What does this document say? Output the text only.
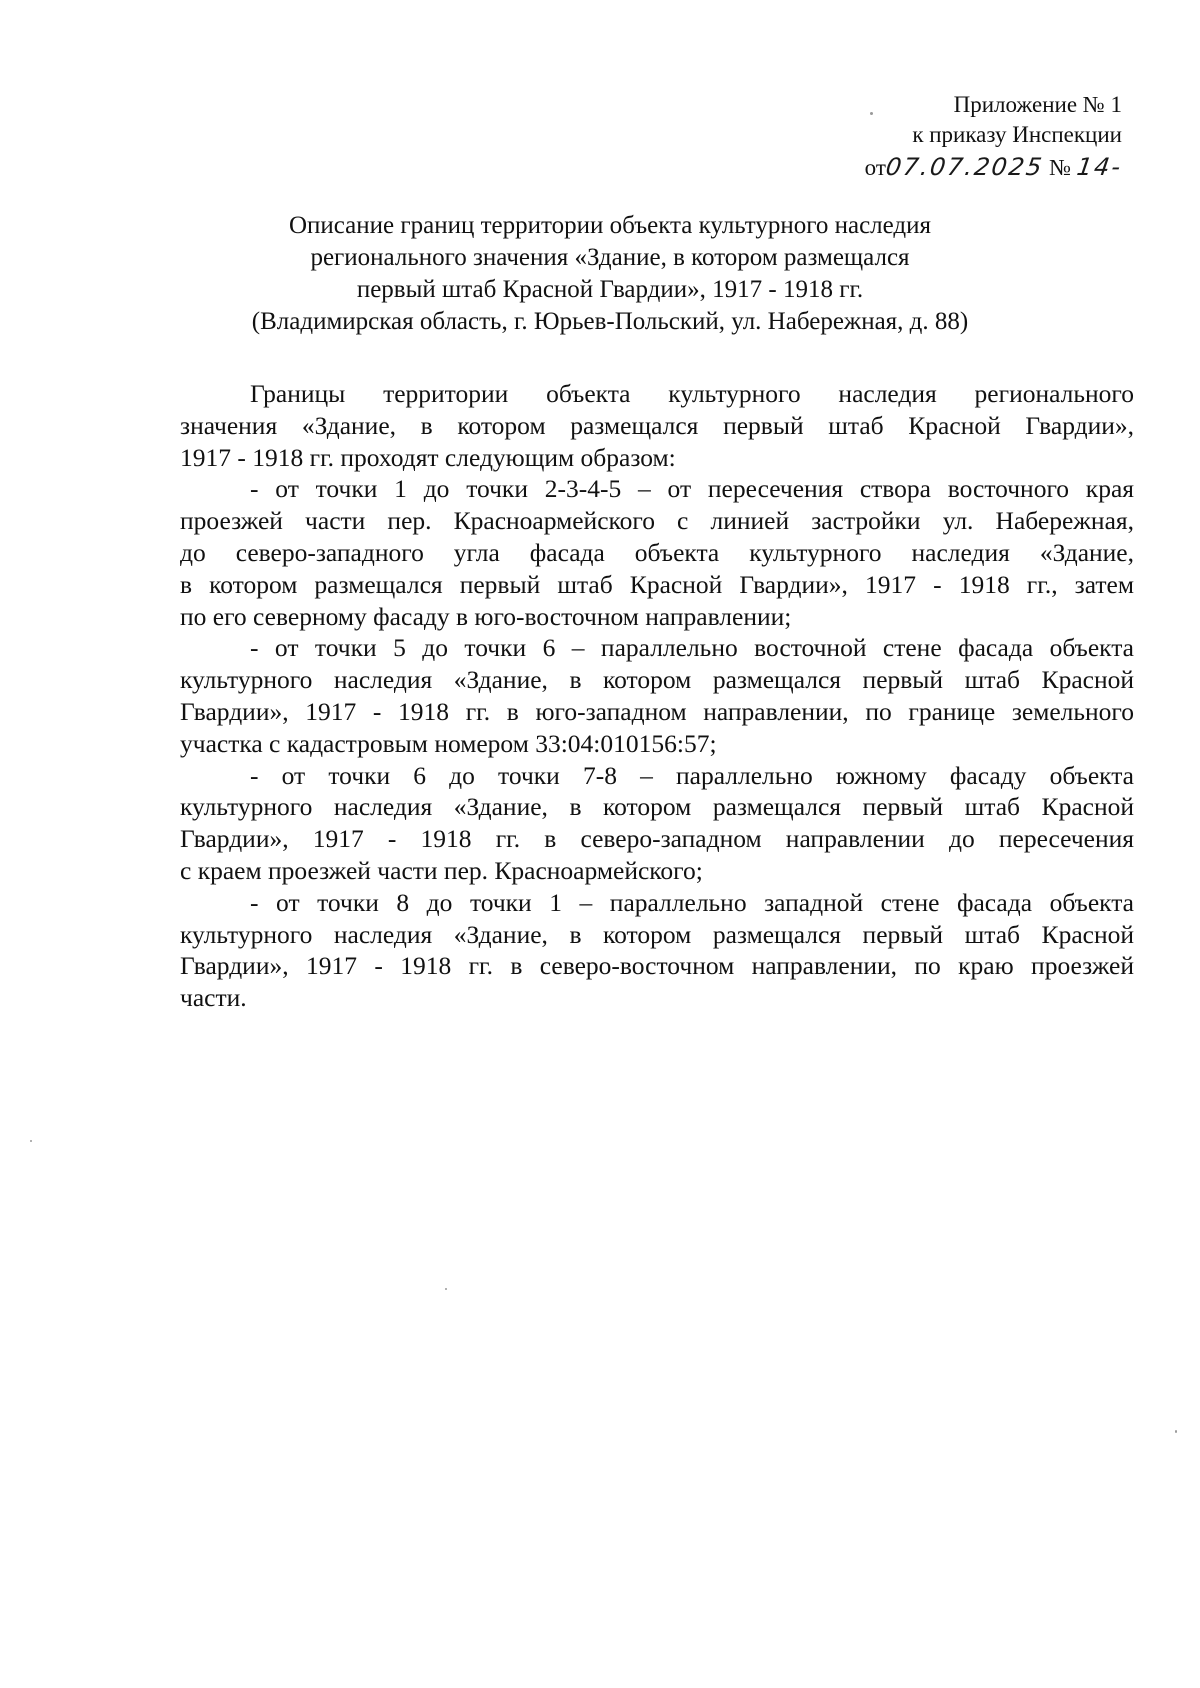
Приложение № 1
к приказу Инспекции
от07.07.2025 № 14-
Описание границ территории объекта культурного наследия
регионального значения «Здание, в котором размещался
первый штаб Красной Гвардии», 1917 - 1918 гг.
(Владимирская область, г. Юрьев-Польский, ул. Набережная, д. 88)
Границы территории объекта культурного наследия регионального
значения «Здание, в котором размещался первый штаб Красной Гвардии»,
1917 - 1918 гг. проходят следующим образом:
- от точки 1 до точки 2-3-4-5 – от пересечения створа восточного края
проезжей части пер. Красноармейского с линией застройки ул. Набережная,
до северо-западного угла фасада объекта культурного наследия «Здание,
в котором размещался первый штаб Красной Гвардии», 1917 - 1918 гг., затем
по его северному фасаду в юго-восточном направлении;
- от точки 5 до точки 6 – параллельно восточной стене фасада объекта
культурного наследия «Здание, в котором размещался первый штаб Красной
Гвардии», 1917 - 1918 гг. в юго-западном направлении, по границе земельного
участка с кадастровым номером 33:04:010156:57;
- от точки 6 до точки 7-8 – параллельно южному фасаду объекта
культурного наследия «Здание, в котором размещался первый штаб Красной
Гвардии», 1917 - 1918 гг. в северо-западном направлении до пересечения
с краем проезжей части пер. Красноармейского;
- от точки 8 до точки 1 – параллельно западной стене фасада объекта
культурного наследия «Здание, в котором размещался первый штаб Красной
Гвардии», 1917 - 1918 гг. в северо-восточном направлении, по краю проезжей
части.
